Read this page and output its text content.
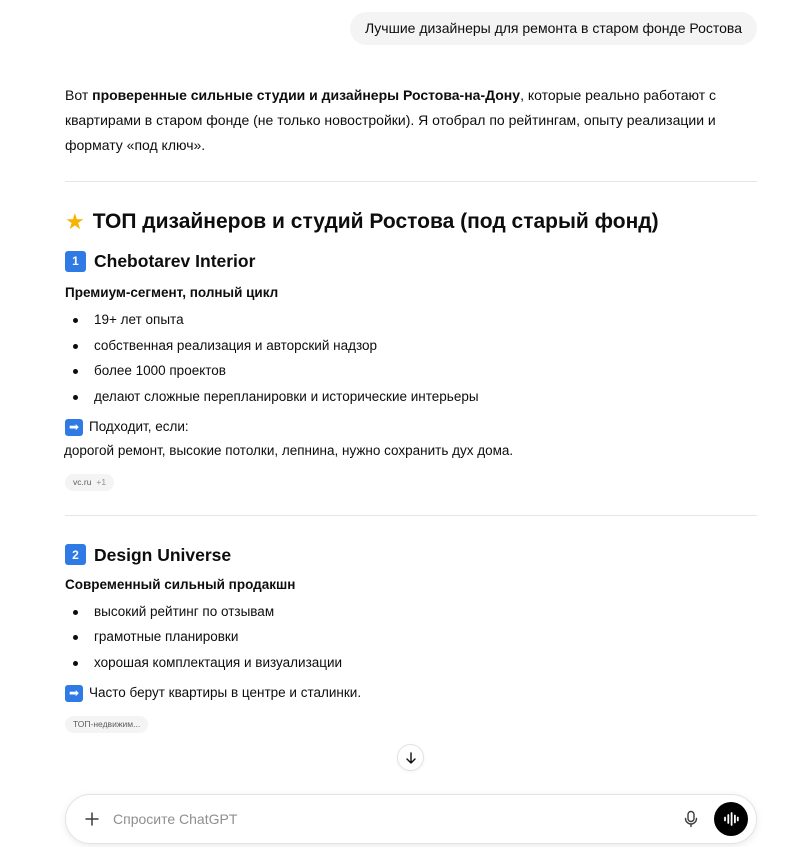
Лучшие дизайнеры для ремонта в старом фонде Ростова

Вот проверенные сильные студии и дизайнеры Ростова-на-Дону, которые реально работают с квартирами в старом фонде (не только новостройки). Я отобрал по рейтингам, опыту реализации и формату «под ключ».

★ ТОП дизайнеров и студий Ростова (под старый фонд)
1 Chebotarev Interior
Премиум-сегмент, полный цикл
19+ лет опыта
собственная реализация и авторский надзор
более 1000 проектов
делают сложные перепланировки и исторические интерьеры
➡ Подходит, если:
дорогой ремонт, высокие потолки, лепнина, нужно сохранить дух дома.
vc.ru +1
2 Design Universe
Современный сильный продакшн
высокий рейтинг по отзывам
грамотные планировки
хорошая комплектация и визуализации
➡ Часто берут квартиры в центре и сталинки.
ТОП-недвижим...
Спросите ChatGPT
